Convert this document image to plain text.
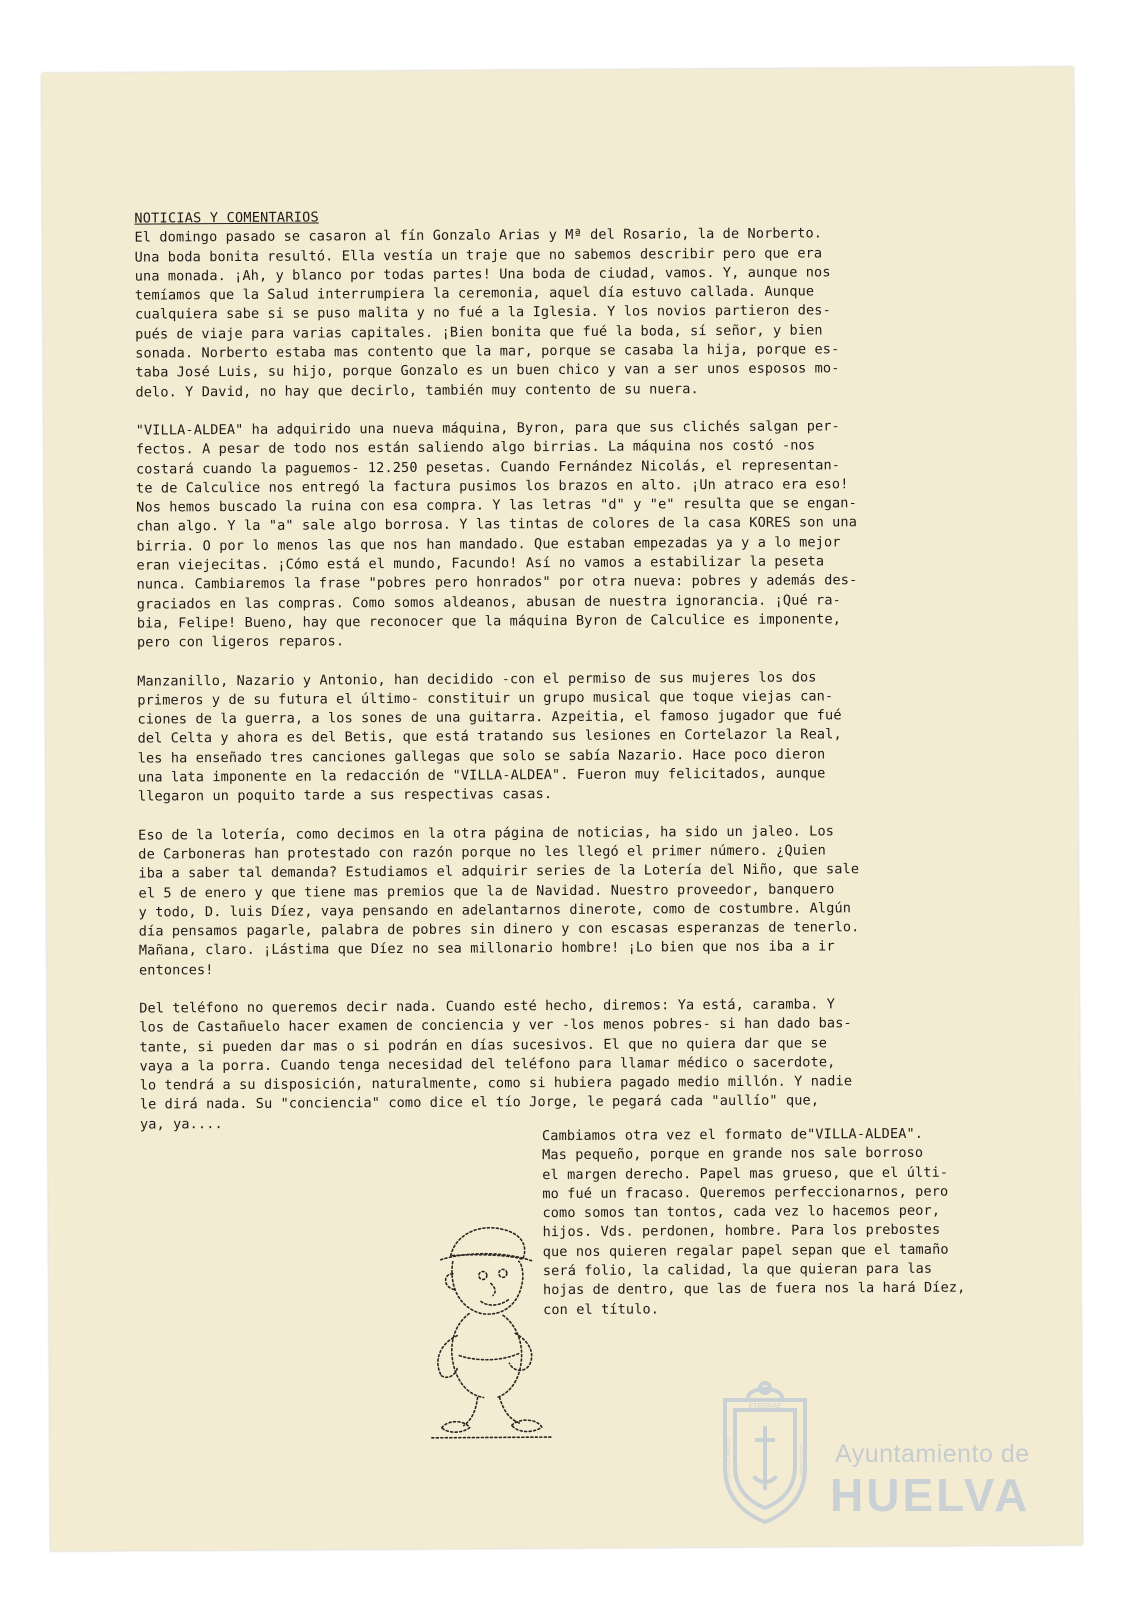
NOTICIAS Y COMENTARIOS

El domingo pasado se casaron al fín Gonzalo Arias y Mª del Rosario, la de Norberto.
Una boda bonita resultó. Ella vestía un traje que no sabemos describir pero que era
una monada. ¡Ah, y blanco por todas partes! Una boda de ciudad, vamos. Y, aunque nos
temíamos que la Salud interrumpiera la ceremonia, aquel día estuvo callada. Aunque
cualquiera sabe si se puso malita y no fué a la Iglesia. Y los novios partieron des-
pués de viaje para varias capitales. ¡Bien bonita que fué la boda, sí señor, y bien
sonada. Norberto estaba mas contento que la mar, porque se casaba la hija, porque es-
taba José Luis, su hijo, porque Gonzalo es un buen chico y van a ser unos esposos mo-
delo. Y David, no hay que decirlo, también muy contento de su nuera.

"VILLA-ALDEA" ha adquirido una nueva máquina, Byron, para que sus clichés salgan per-
fectos. A pesar de todo nos están saliendo algo birrias. La máquina nos costó -nos
costará cuando la paguemos- 12.250 pesetas. Cuando Fernández Nicolás, el representan-
te de Calculice nos entregó la factura pusimos los brazos en alto. ¡Un atraco era eso!
Nos hemos buscado la ruina con esa compra. Y las letras "d" y "e" resulta que se engan-
chan algo. Y la "a" sale algo borrosa. Y las tintas de colores de la casa KORES son una
birria. O por lo menos las que nos han mandado. Que estaban empezadas ya y a lo mejor
eran viejecitas. ¡Cómo está el mundo, Facundo! Así no vamos a estabilizar la peseta
nunca. Cambiaremos la frase "pobres pero honrados" por otra nueva: pobres y además des-
graciados en las compras. Como somos aldeanos, abusan de nuestra ignorancia. ¡Qué ra-
bia, Felipe! Bueno, hay que reconocer que la máquina Byron de Calculice es imponente,
pero con ligeros reparos.

Manzanillo, Nazario y Antonio, han decidido -con el permiso de sus mujeres los dos
primeros y de su futura el último- constituir un grupo musical que toque viejas can-
ciones de la guerra, a los sones de una guitarra. Azpeitia, el famoso jugador que fué
del Celta y ahora es del Betis, que está tratando sus lesiones en Cortelazor la Real,
les ha enseñado tres canciones gallegas que solo se sabía Nazario. Hace poco dieron
una lata imponente en la redacción de "VILLA-ALDEA". Fueron muy felicitados, aunque
llegaron un poquito tarde a sus respectivas casas.

Eso de la lotería, como decimos en la otra página de noticias, ha sido un jaleo. Los
de Carboneras han protestado con razón porque no les llegó el primer número. ¿Quien
iba a saber tal demanda? Estudiamos el adquirir series de la Lotería del Niño, que sale
el 5 de enero y que tiene mas premios que la de Navidad. Nuestro proveedor, banquero
y todo, D. luis Díez, vaya pensando en adelantarnos dinerote, como de costumbre. Algún
día pensamos pagarle, palabra de pobres sin dinero y con escasas esperanzas de tenerlo.
Mañana, claro. ¡Lástima que Díez no sea millonario hombre! ¡Lo bien que nos iba a ir
entonces!

Del teléfono no queremos decir nada. Cuando esté hecho, diremos: Ya está, caramba. Y
los de Castañuelo hacer examen de conciencia y ver -los menos pobres- si han dado bas-
tante, si pueden dar mas o si podrán en días sucesivos. El que no quiera dar que se
vaya a la porra. Cuando tenga necesidad del teléfono para llamar médico o sacerdote,
lo tendrá a su disposición, naturalmente, como si hubiera pagado medio millón. Y nadie
le dirá nada. Su "conciencia" como dice el tío Jorge, le pegará cada "aullío" que,
ya, ya....

Cambiamos otra vez el formato de"VILLA-ALDEA".
Mas pequeño, porque en grande nos sale borroso
el margen derecho. Papel mas grueso, que el últi-
mo fué un fracaso. Queremos perfeccionarnos, pero
como somos tan tontos, cada vez lo hacemos peor,
hijos. Vds. perdonen, hombre. Para los prebostes
que nos quieren regalar papel sepan que el tamaño
será folio, la calidad, la que quieran para las
hojas de dentro, que las de fuera nos la hará Díez,
con el título.
ETERRAE
PORTUS MARIS	CUSTODIA Ayuntamiento de
HUELVA
